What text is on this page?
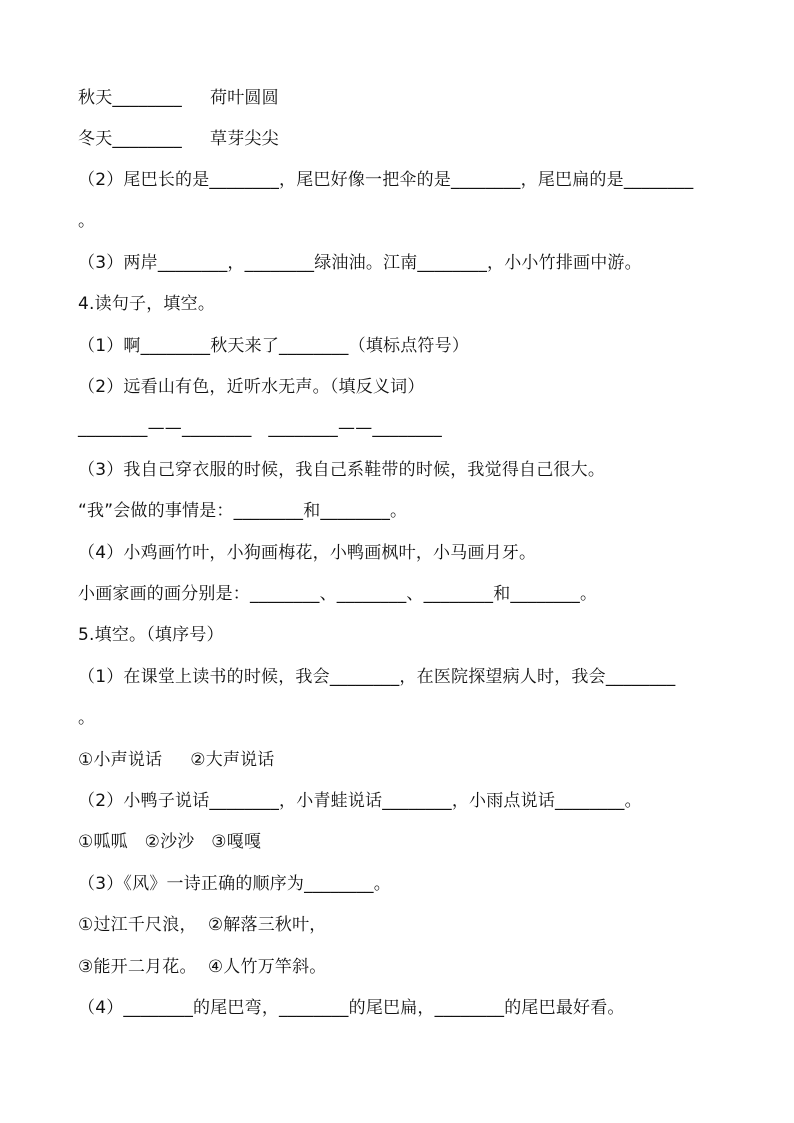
秋天________     荷叶圆圆
冬天________     草芽尖尖
（2）尾巴长的是________，尾巴好像一把伞的是________，尾巴扁的是________
。
（3）两岸________，________绿油油。江南________，小小竹排画中游。
4.读句子，填空。
（1）啊________秋天来了________（填标点符号）
（2）远看山有色，近听水无声。（填反义词）
________——________   ________——________
（3）我自己穿衣服的时候，我自己系鞋带的时候，我觉得自己很大。
“我”会做的事情是：________和________。
（4）小鸡画竹叶，小狗画梅花，小鸭画枫叶，小马画月牙。
小画家画的画分别是：________、________、________和________。
5.填空。（填序号）
（1）在课堂上读书的时候，我会________，在医院探望病人时，我会________
。
①小声说话     ②大声说话
（2）小鸭子说话________，小青蛙说话________，小雨点说话________。
①呱呱   ②沙沙   ③嘎嘎
（3）《风》一诗正确的顺序为________。
①过江千尺浪，  ②解落三秋叶，
③能开二月花。  ④人竹万竿斜。
（4）________的尾巴弯，________的尾巴扁，________的尾巴最好看。
